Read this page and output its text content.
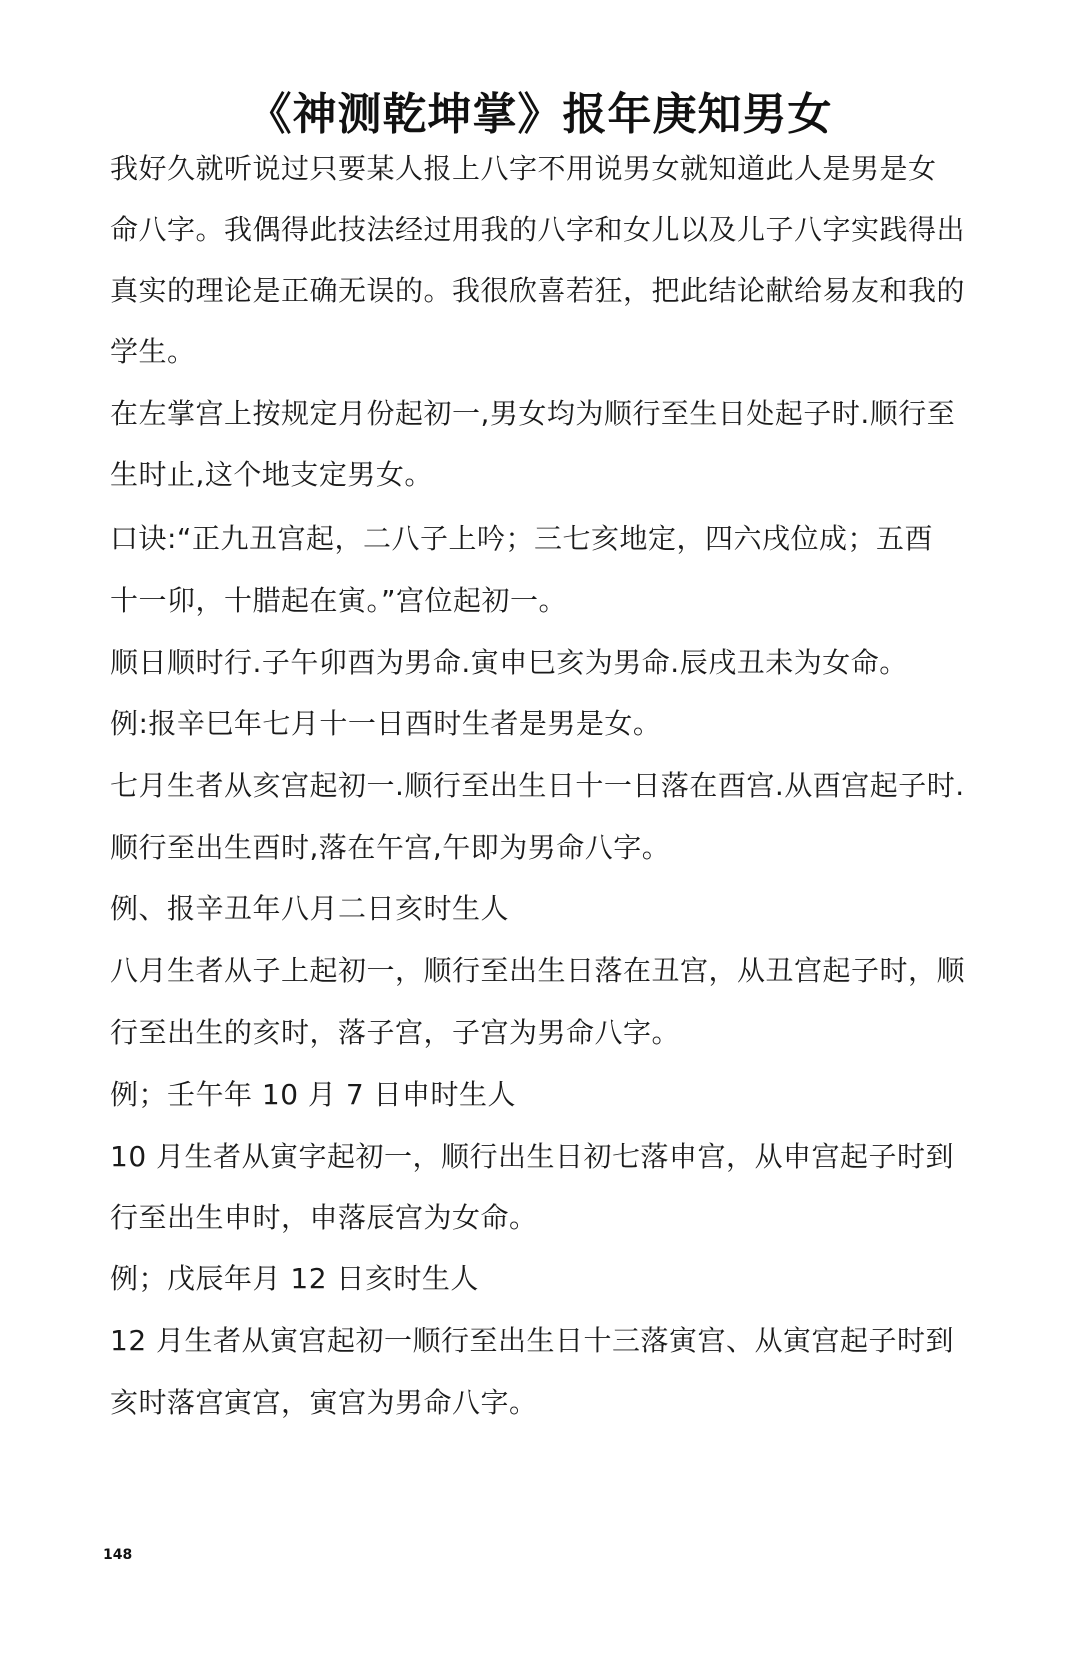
《神测乾坤掌》报年庚知男女

我好久就听说过只要某人报上八字不用说男女就知道此人是男是女

命八字。我偶得此技法经过用我的八字和女儿以及儿子八字实践得出

真实的理论是正确无误的。我很欣喜若狂，把此结论献给易友和我的

学生。

在左掌宫上按规定月份起初一,男女均为顺行至生日处起子时.顺行至

生时止,这个地支定男女。

口诀:“正九丑宫起，二八子上吟；三七亥地定，四六戌位成；五酉

十一卯，十腊起在寅。”宫位起初一。

顺日顺时行.子午卯酉为男命.寅申巳亥为男命.辰戌丑未为女命。

例:报辛巳年七月十一日酉时生者是男是女。

七月生者从亥宫起初一.顺行至出生日十一日落在酉宫.从酉宫起子时.

顺行至出生酉时,落在午宫,午即为男命八字。

例、报辛丑年八月二日亥时生人

八月生者从子上起初一，顺行至出生日落在丑宫，从丑宫起子时，顺

行至出生的亥时，落子宫，子宫为男命八字。

例；壬午年 10 月 7 日申时生人

10 月生者从寅字起初一，顺行出生日初七落申宫，从申宫起子时到

行至出生申时，申落辰宫为女命。

例；戊辰年月 12 日亥时生人

12 月生者从寅宫起初一顺行至出生日十三落寅宫、从寅宫起子时到

亥时落宫寅宫，寅宫为男命八字。

148
